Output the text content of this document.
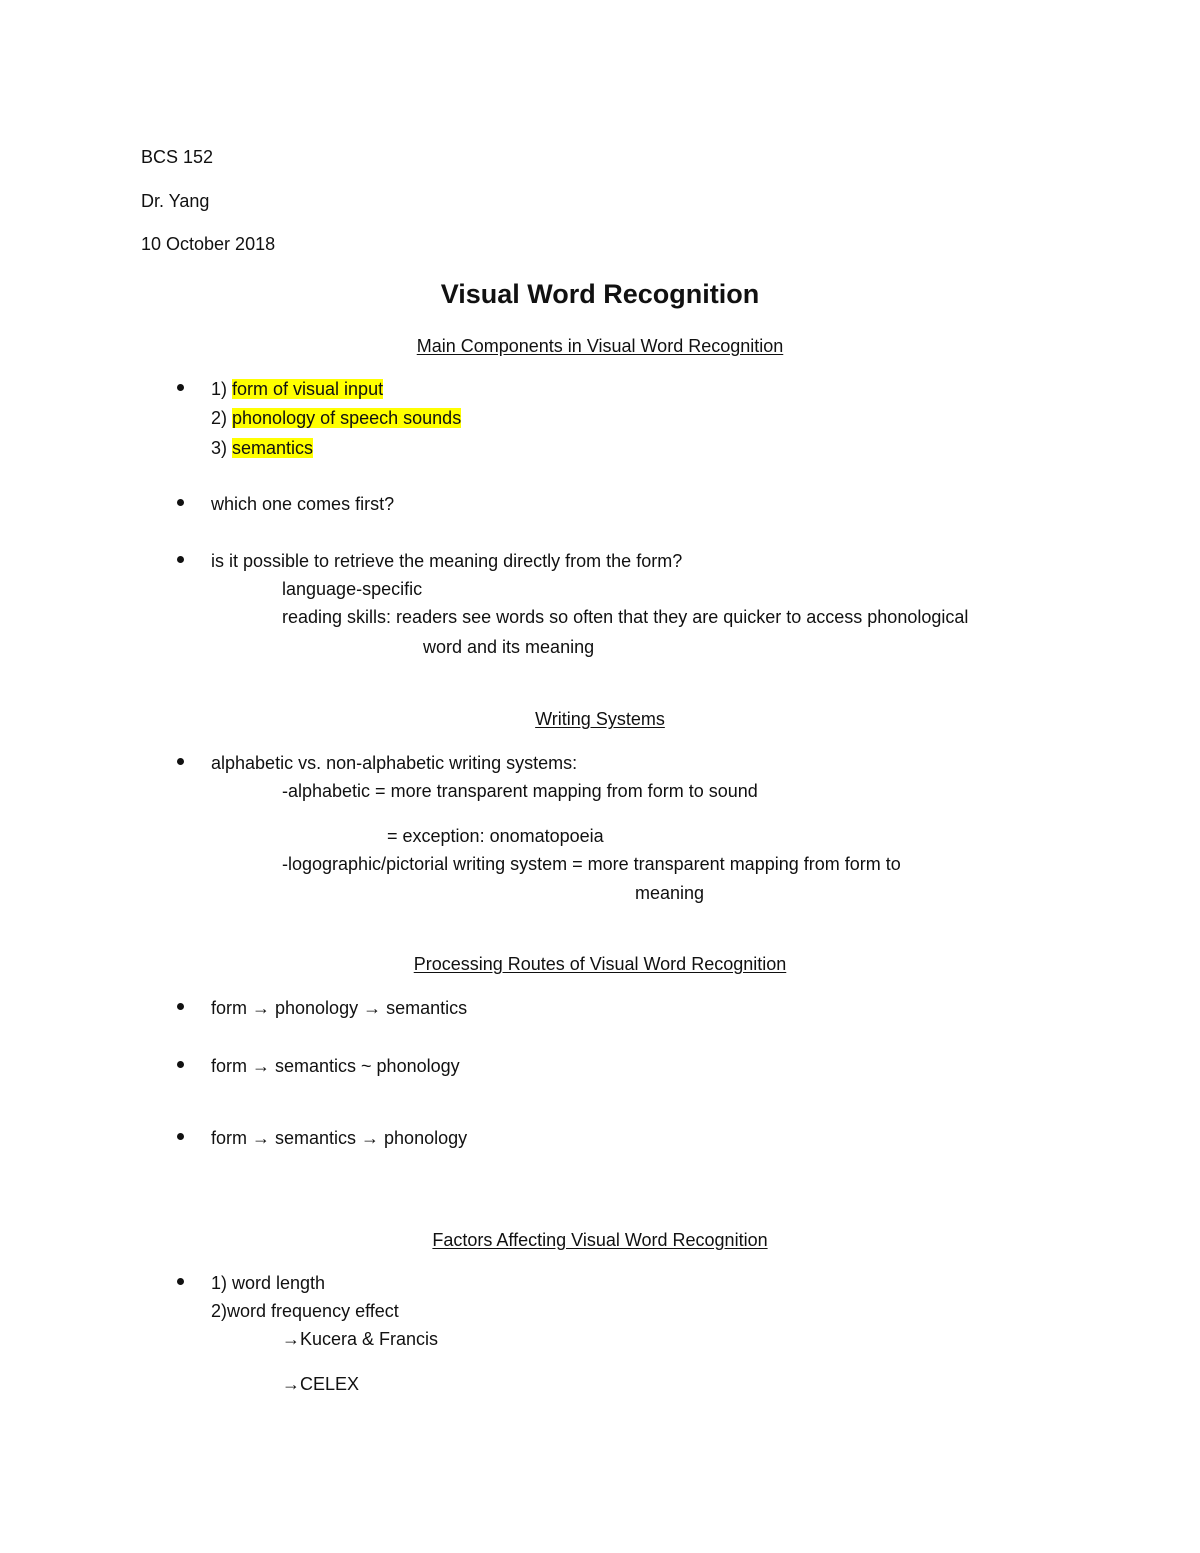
BCS 152
Dr. Yang
10 October 2018
Visual Word Recognition
Main Components in Visual Word Recognition
1) form of visual input
2) phonology of speech sounds
3) semantics
which one comes first?
is it possible to retrieve the meaning directly from the form?
language-specific
reading skills: readers see words so often that they are quicker to access phonological
word and its meaning
Writing Systems
alphabetic vs. non-alphabetic writing systems:
-alphabetic = more transparent mapping from form to sound
= exception: onomatopoeia
-logographic/pictorial writing system = more transparent mapping from form to
meaning
Processing Routes of Visual Word Recognition
form → phonology → semantics
form → semantics ~ phonology
form → semantics → phonology
Factors Affecting Visual Word Recognition
1) word length
2)word frequency effect
→Kucera & Francis
→CELEX
